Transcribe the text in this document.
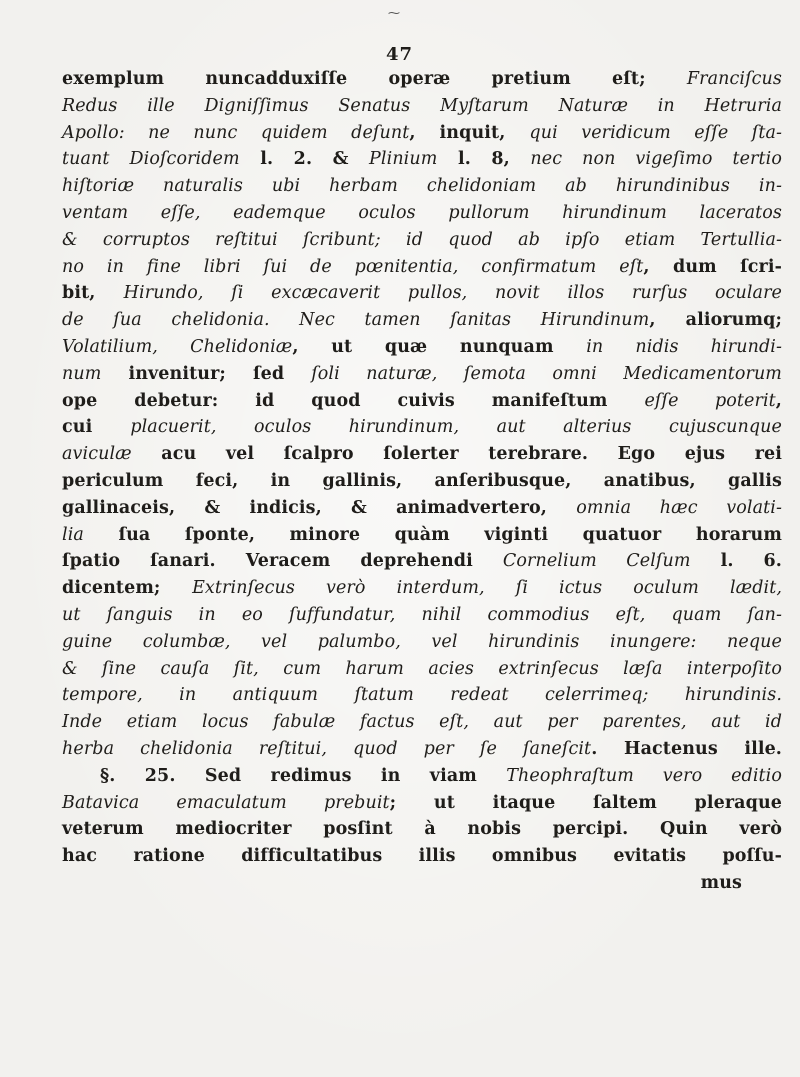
⁓
47
exemplum nuncadduxiſſe operæ pretium eſt; Franciſcus
Redus ille Digniſſimus Senatus Myſtarum Naturæ in Hetruria
Apollo: ne nunc quidem deſunt, inquit, qui veridicum eſſe ſta-
tuant Dioſcoridem l. 2. & Plinium l. 8, nec non vigeſimo tertio
hiſtoriæ naturalis ubi herbam chelidoniam ab hirundinibus in-
ventam eſſe, eademque oculos pullorum hirundinum laceratos
& corruptos reſtitui ſcribunt; id quod ab ipſo etiam Tertullia-
no in fine libri ſui de pœnitentia, confirmatum eſt, dum ſcri-
bit, Hirundo, ſi excæcaverit pullos, novit illos rurſus oculare
de ſua chelidonia. Nec tamen ſanitas Hirundinum, aliorumq;
Volatilium, Chelidoniæ, ut quæ nunquam in nidis hirundi-
num invenitur; ſed ſoli naturæ, ſemota omni Medicamentorum
ope debetur: id quod cuivis manifeſtum eſſe poterit,
cui placuerit, oculos hirundinum, aut alterius cujuscunque
aviculæ acu vel ſcalpro ſolerter terebrare. Ego ejus rei
periculum feci, in gallinis, anſeribusque, anatibus, gallis
gallinaceis, & indicis, & animadvertero, omnia hæc volati-
lia ſua ſponte, minore quàm viginti quatuor horarum
ſpatio ſanari. Veracem deprehendi Cornelium Celſum l. 6.
dicentem; Extrinſecus verò interdum, ſi ictus oculum lædit,
ut ſanguis in eo ſuffundatur, nihil commodius eſt, quam ſan-
guine columbæ, vel palumbo, vel hirundinis inungere: neque
& ſine cauſa ſit, cum harum acies extrinſecus læſa interpoſito
tempore, in antiquum ſtatum redeat celerrimeq; hirundinis.
Inde etiam locus fabulæ factus eſt, aut per parentes, aut id
herba chelidonia reſtitui, quod per ſe ſaneſcit. Hactenus ille.
§. 25. Sed redimus in viam Theophraſtum vero editio
Batavica emaculatum prebuit; ut itaque ſaltem pleraque
veterum mediocriter posſint à nobis percipi. Quin verò
hac ratione difficultatibus illis omnibus evitatis poſſu-
mus
